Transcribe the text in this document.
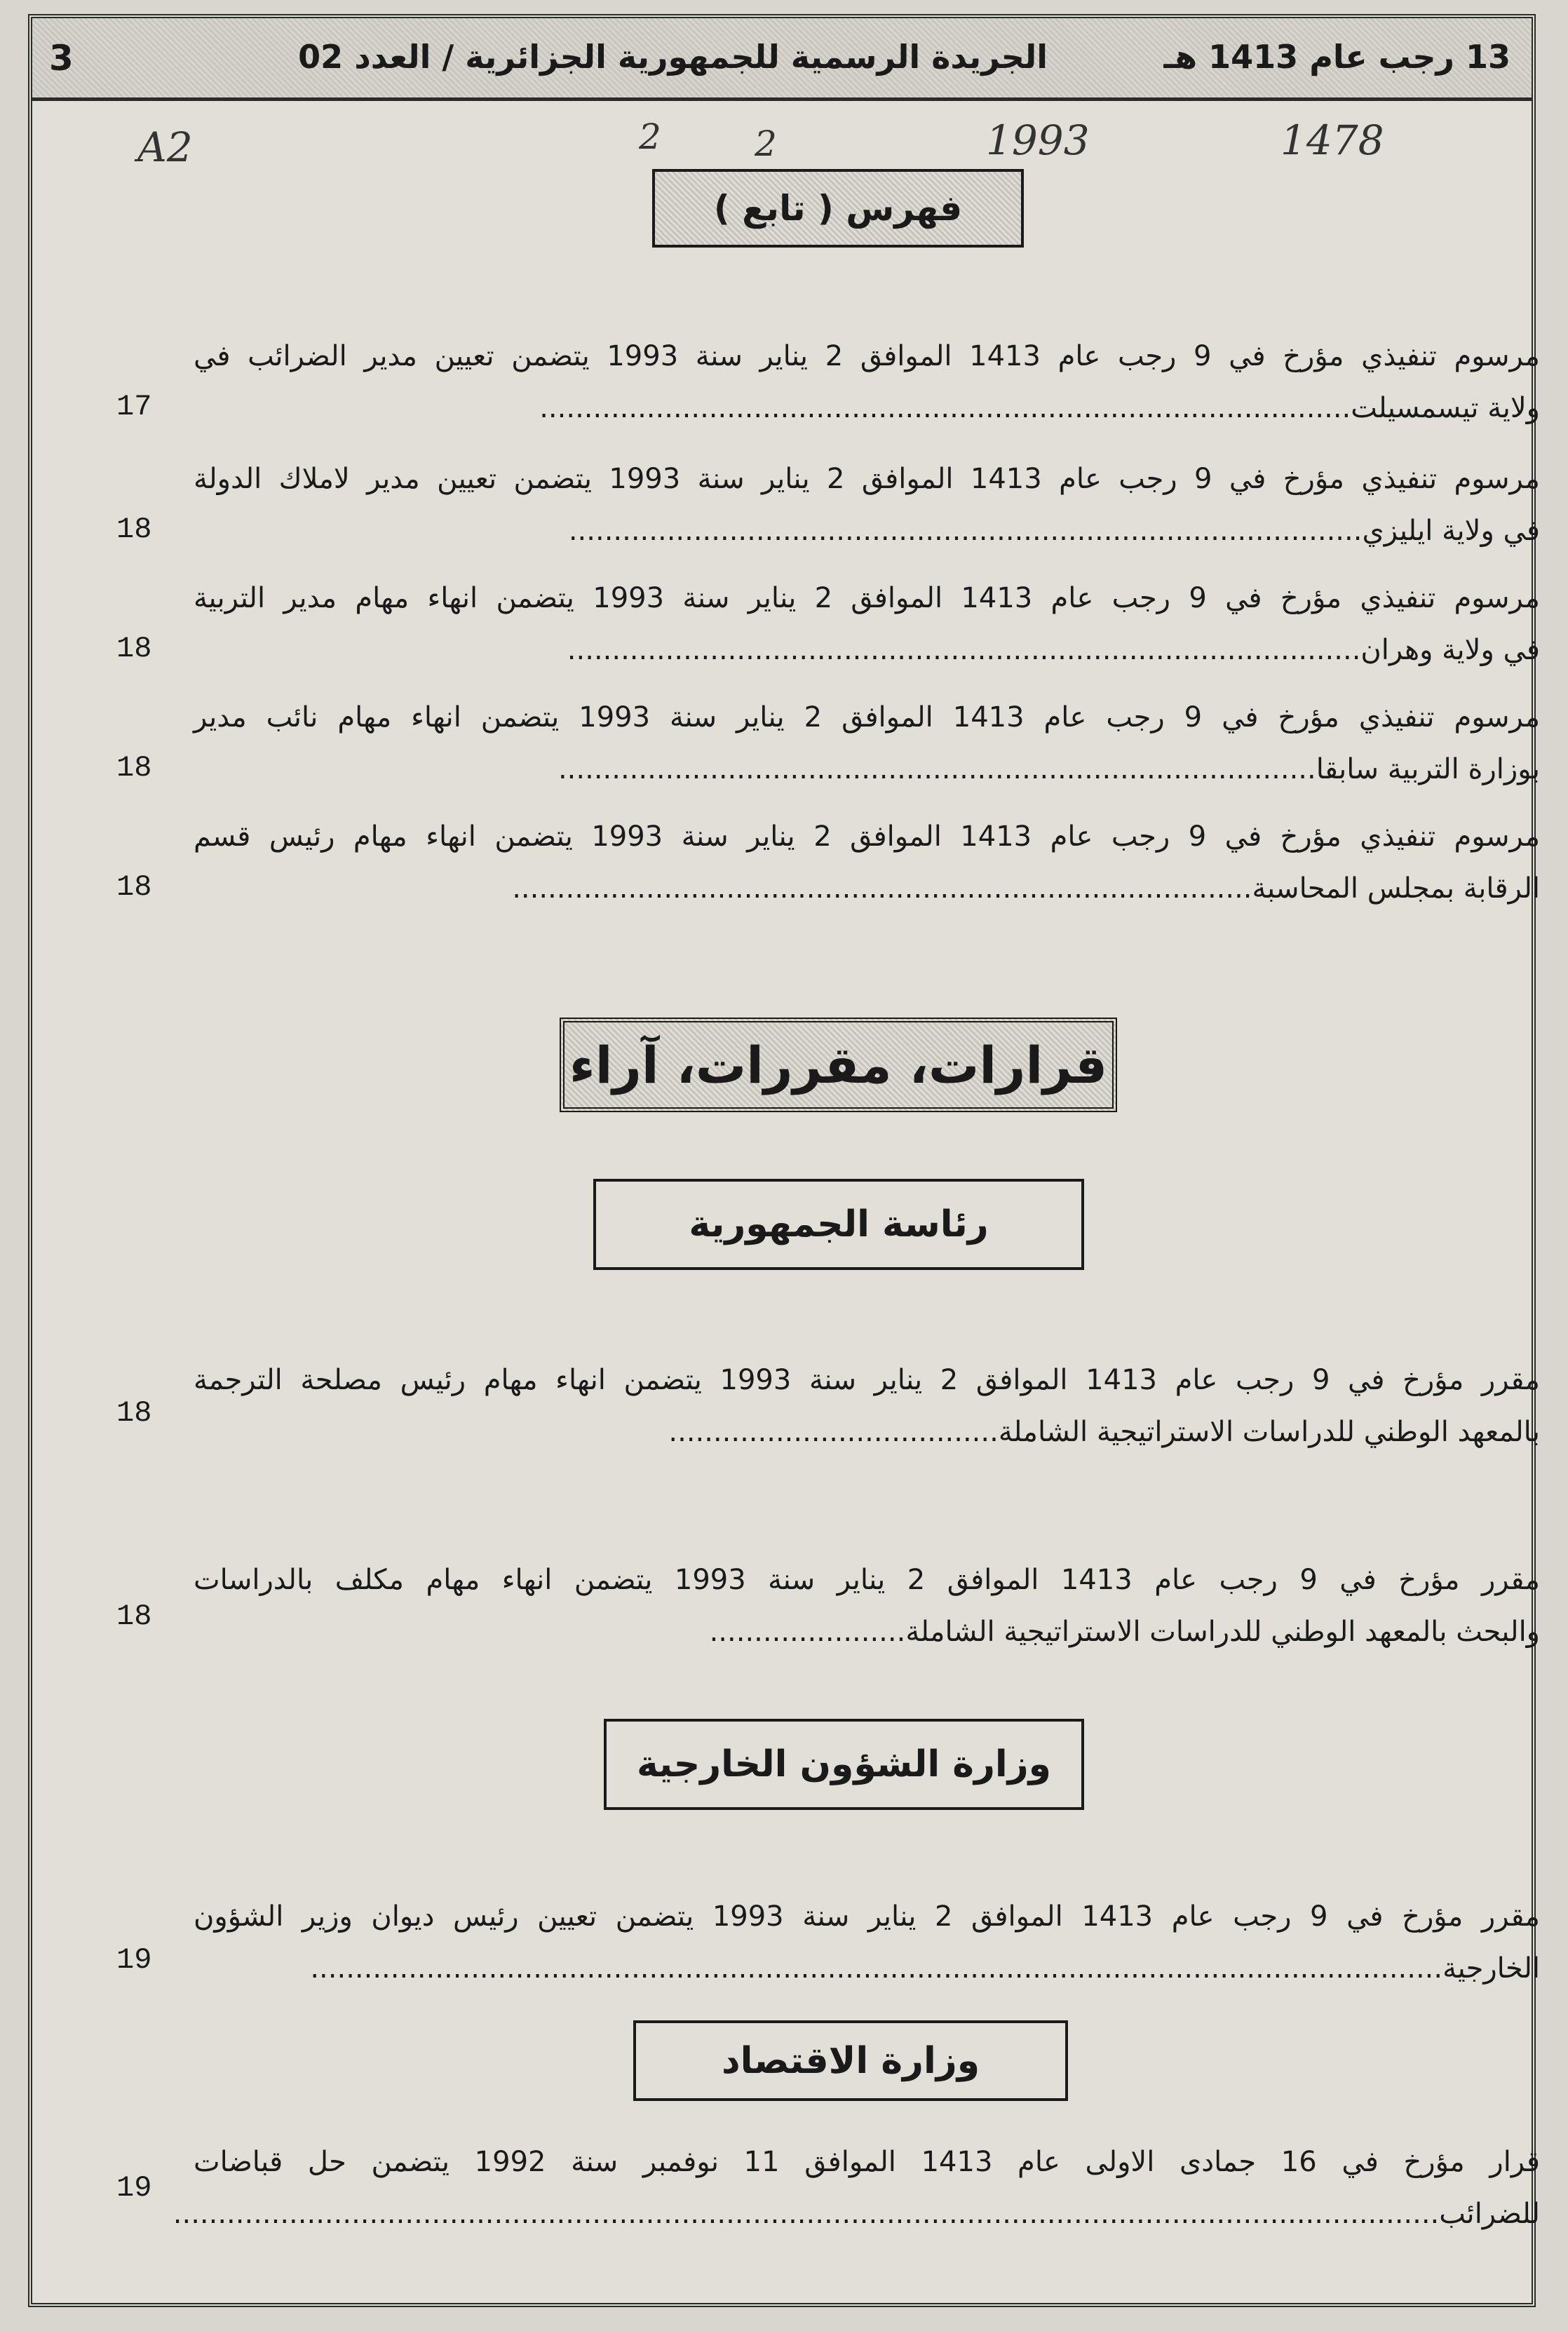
13 رجب عام 1413 هـ
الجريدة الرسمية للجمهورية الجزائرية / العدد 02
3
A2	2	2	1993	1478
فهرس ( تابع )
مرسوم تنفيذي مؤرخ في 9 رجب عام 1413 الموافق 2 يناير سنة 1993 يتضمن تعيين مدير الضرائب في
ولاية تيسمسيلت...........................................................................................
17
مرسوم تنفيذي مؤرخ في 9 رجب عام 1413 الموافق 2 يناير سنة 1993 يتضمن تعيين مدير لاملاك الدولة
في ولاية ايليزي.........................................................................................
18
مرسوم تنفيذي مؤرخ في 9 رجب عام 1413 الموافق 2 يناير سنة 1993 يتضمن انهاء مهام مدير التربية
في ولاية وهران.........................................................................................
18
مرسوم تنفيذي مؤرخ في 9 رجب عام 1413 الموافق 2 يناير سنة 1993 يتضمن انهاء مهام نائب مدير
بوزارة التربية سابقا.....................................................................................
18
مرسوم تنفيذي مؤرخ في 9 رجب عام 1413 الموافق 2 يناير سنة 1993 يتضمن انهاء مهام رئيس قسم
الرقابة بمجلس المحاسبة...................................................................................
18
قرارات، مقررات، آراء
رئاسة الجمهورية
مقرر مؤرخ في 9 رجب عام 1413 الموافق 2 يناير سنة 1993 يتضمن انهاء مهام رئيس مصلحة الترجمة
بالمعهد الوطني للدراسات الاستراتيجية الشاملة.....................................
18
مقرر مؤرخ في 9 رجب عام 1413 الموافق 2 يناير سنة 1993 يتضمن انهاء مهام مكلف بالدراسات
والبحث بالمعهد الوطني للدراسات الاستراتيجية الشاملة......................
18
وزارة الشؤون الخارجية
مقرر مؤرخ في 9 رجب عام 1413 الموافق 2 يناير سنة 1993 يتضمن تعيين رئيس ديوان وزير الشؤون
الخارجية...............................................................................................................................
19
وزارة الاقتصاد
قرار مؤرخ في 16 جمادى الاولى عام 1413 الموافق 11 نوفمبر سنة 1992 يتضمن حل قباضات
للضرائب..............................................................................................................................................
19
